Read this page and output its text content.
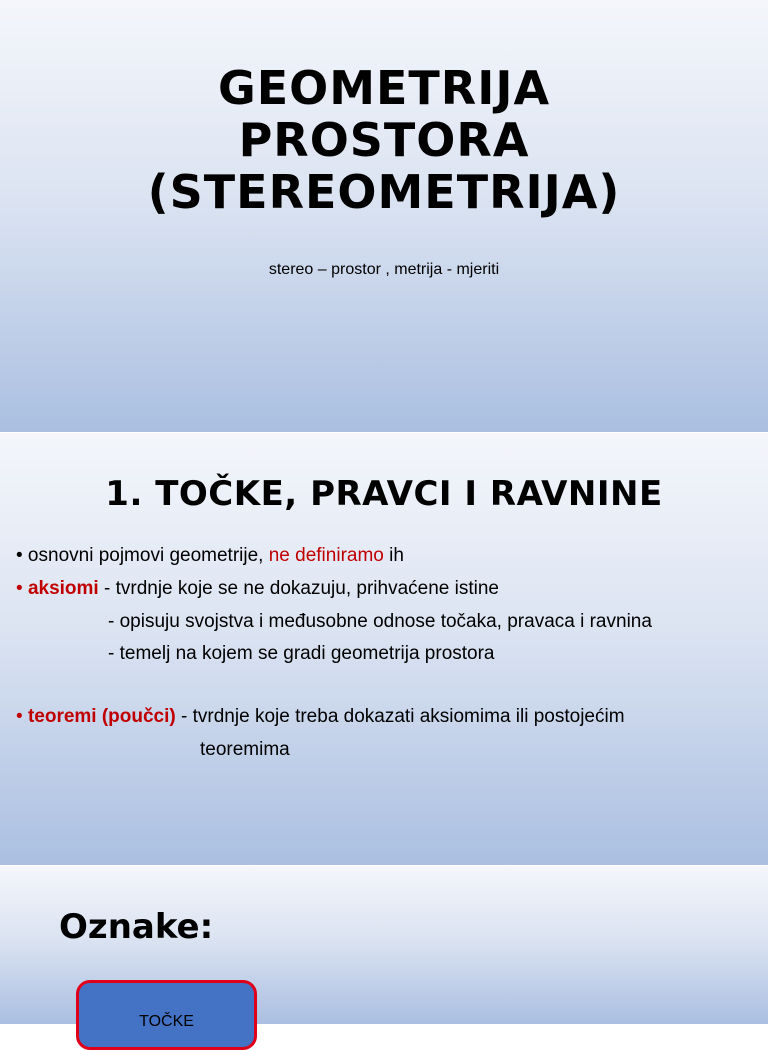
GEOMETRIJA
PROSTORA
(STEREOMETRIJA)
stereo – prostor , metrija - mjeriti
1. TOČKE, PRAVCI I RAVNINE
• osnovni pojmovi geometrije, ne definiramo ih
• aksiomi - tvrdnje koje se ne dokazuju, prihvaćene istine
- opisuju svojstva i međusobne odnose točaka, pravaca i ravnina
- temelj na kojem se gradi geometrija prostora
• teoremi (poučci) - tvrdnje koje treba dokazati aksiomima ili postojećim
teoremima
Oznake:
TOČKE
